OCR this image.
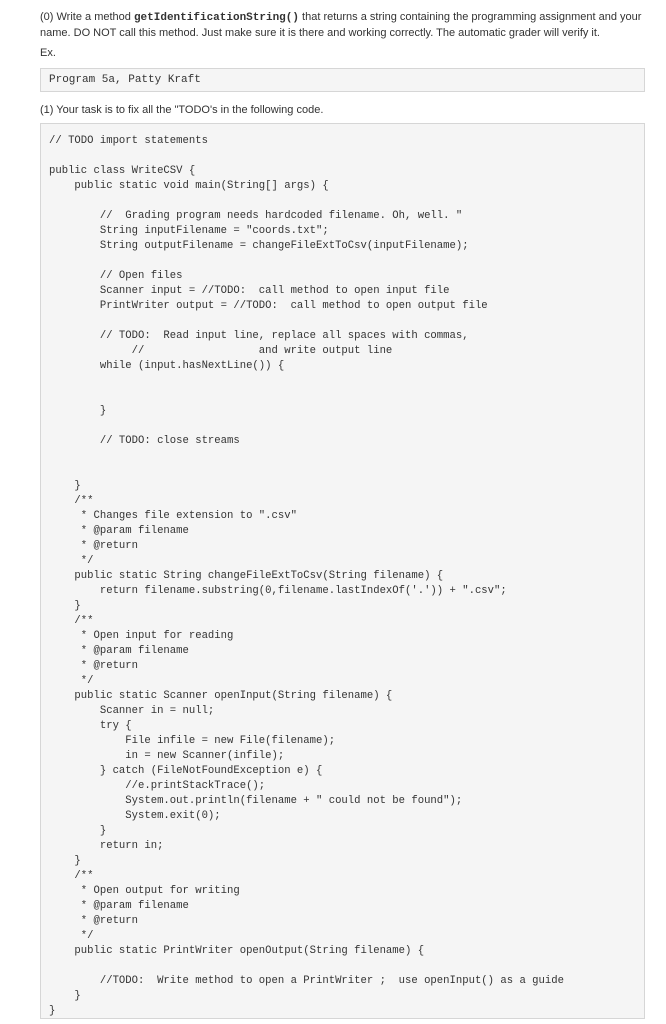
(0) Write a method getIdentificationString() that returns a string containing the programming assignment and your name. DO NOT call this method. Just make sure it is there and working correctly. The automatic grader will verify it.
Ex.
Program 5a, Patty Kraft
(1) Your task is to fix all the "TODO's in the following code.
// TODO import statements
public class WriteCSV {
public static void main(String[] args) {
//  Grading program needs hardcoded filename. Oh, well. "
String inputFilename = "coords.txt";
String outputFilename = changeFileExtToCsv(inputFilename);
// Open files
Scanner input = //TODO:  call method to open input file
PrintWriter output = //TODO:  call method to open output file
// TODO:  Read input line, replace all spaces with commas,
//                  and write output line
while (input.hasNextLine()) {
}
// TODO: close streams
}
/**
* Changes file extension to ".csv"
* @param filename
* @return
*/
public static String changeFileExtToCsv(String filename) {
return filename.substring(0,filename.lastIndexOf('.')) + ".csv";
}
/**
* Open input for reading
* @param filename
* @return
*/
public static Scanner openInput(String filename) {
Scanner in = null;
try {
File infile = new File(filename);
in = new Scanner(infile);
} catch (FileNotFoundException e) {
//e.printStackTrace();
System.out.println(filename + " could not be found");
System.exit(0);
}
return in;
}
/**
* Open output for writing
* @param filename
* @return
*/
public static PrintWriter openOutput(String filename) {
//TODO:  Write method to open a PrintWriter ;  use openInput() as a guide
}
}
